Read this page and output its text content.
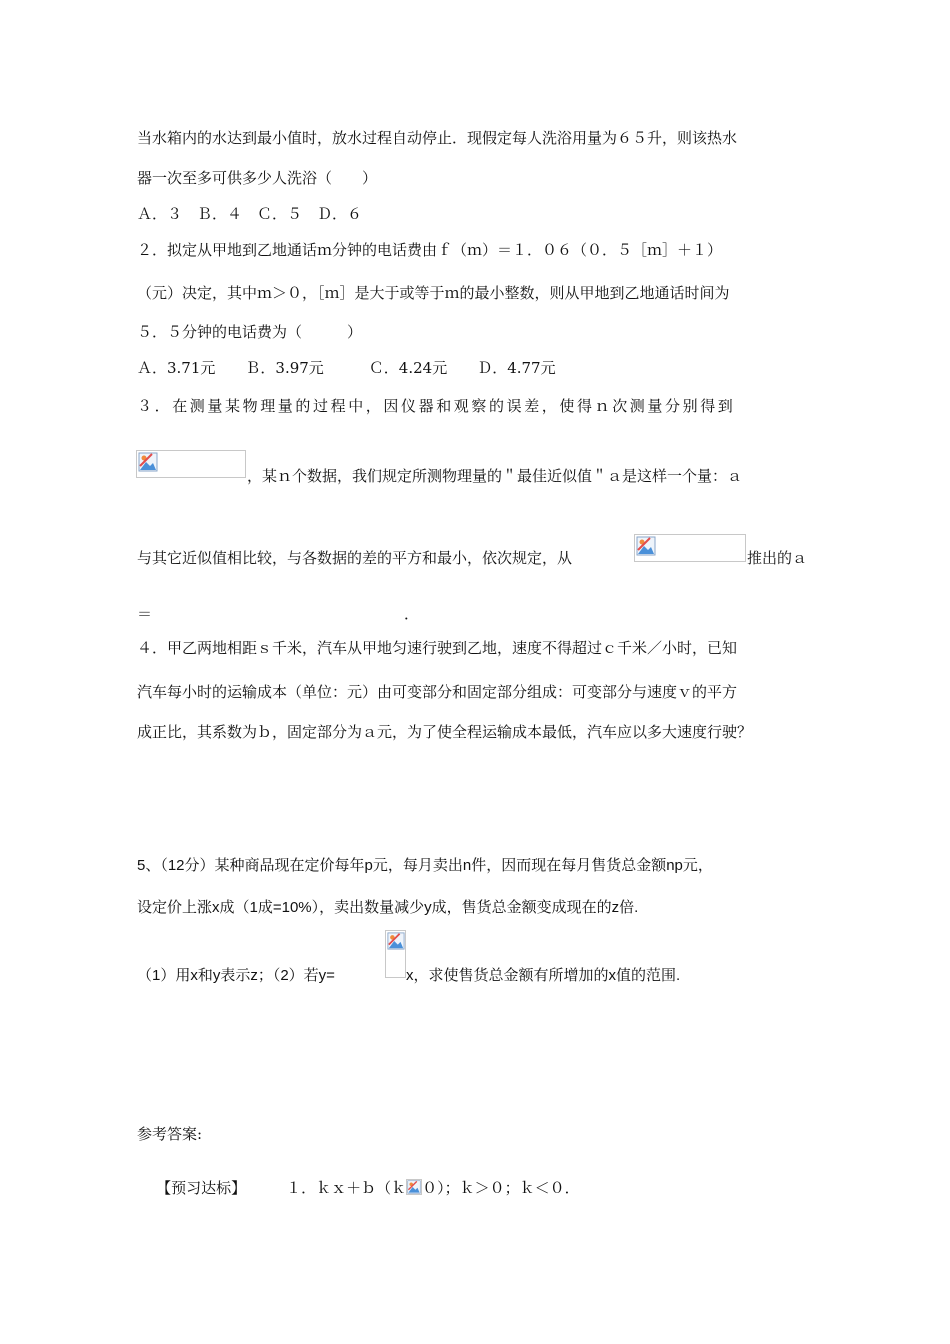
当水箱内的水达到最小值时，放水过程自动停止．现假定每人洗浴用量为６５升，则该热水
器一次至多可供多少人洗浴（　　）
Ａ．３　Ｂ．４　Ｃ．５　Ｄ．６
２．拟定从甲地到乙地通话ｍ分钟的电话费由ｆ（ｍ）＝１．０６（０．５［ｍ］＋１）
（元）决定，其中ｍ＞０，［ｍ］是大于或等于ｍ的最小整数，则从甲地到乙地通话时间为
５．５分钟的电话费为（　　　）
Ａ．3.71元　　Ｂ．3.97元　　　Ｃ．4.24元　　Ｄ．4.77元
３．在测量某物理量的过程中，因仪器和观察的误差，使得ｎ次测量分别得到
，某ｎ个数据，我们规定所测物理量的＂最佳近似值＂ａ是这样一个量：ａ
与其它近似值相比较，与各数据的差的平方和最小，依次规定，从	推出的ａ
＝	．
４．甲乙两地相距ｓ千米，汽车从甲地匀速行驶到乙地，速度不得超过ｃ千米／小时，已知
汽车每小时的运输成本（单位：元）由可变部分和固定部分组成：可变部分与速度ｖ的平方
成正比，其系数为ｂ，固定部分为ａ元，为了使全程运输成本最低，汽车应以多大速度行驶？
5、（12分）某种商品现在定价每年p元，每月卖出n件，因而现在每月售货总金额np元，
设定价上涨x成（1成=10%），卖出数量减少y成，售货总金额变成现在的z倍.
（1）用x和y表示z；（2）若y=	x，求使售货总金额有所增加的x值的范围.
参考答案:

【预习达标】	１．ｋｘ＋ｂ（ｋ ０）；ｋ＞０；ｋ＜０．
